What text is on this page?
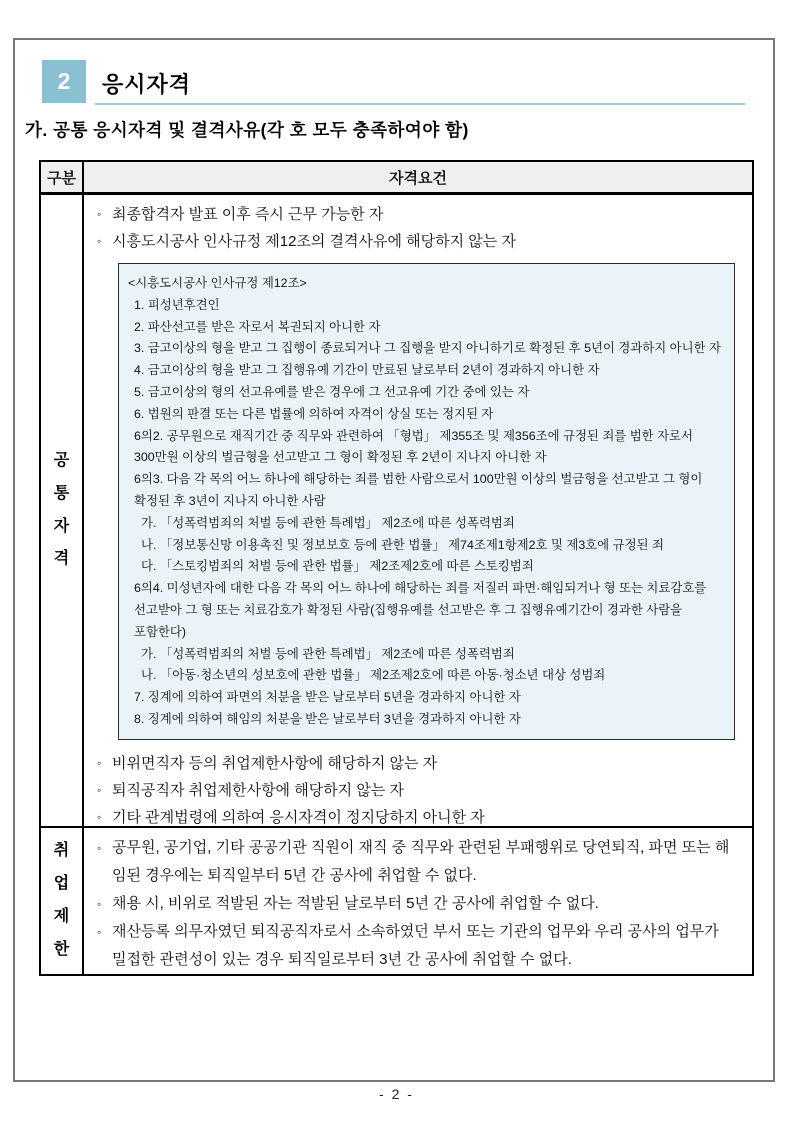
2	응시자격
가. 공통 응시자격 및 결격사유(각 호 모두 충족하여야 함)
구분	자격요건
공통자격
◦ 최종합격자 발표 이후 즉시 근무 가능한 자
◦ 시흥도시공사 인사규정 제12조의 결격사유에 해당하지 않는 자
<시흥도시공사 인사규정 제12조>
1. 피성년후견인
2. 파산선고를 받은 자로서 복권되지 아니한 자
3. 금고이상의 형을 받고 그 집행이 종료되거나 그 집행을 받지 아니하기로 확정된 후 5년이 경과하지 아니한 자
4. 금고이상의 형을 받고 그 집행유예 기간이 만료된 날로부터 2년이 경과하지 아니한 자
5. 금고이상의 형의 선고유예를 받은 경우에 그 선고유예 기간 중에 있는 자
6. 법원의 판결 또는 다른 법률에 의하여 자격이 상실 또는 정지된 자
6의2. 공무원으로 재직기간 중 직무와 관련하여 「형법」 제355조 및 제356조에 규정된 죄를 범한 자로서
300만원 이상의 벌금형을 선고받고 그 형이 확정된 후 2년이 지나지 아니한 자
6의3. 다음 각 목의 어느 하나에 해당하는 죄를 범한 사람으로서 100만원 이상의 벌금형을 선고받고 그 형이
확정된 후 3년이 지나지 아니한 사람
가. 「성폭력범죄의 처벌 등에 관한 특례법」 제2조에 따른 성폭력범죄
나. 「정보통신망 이용촉진 및 정보보호 등에 관한 법률」 제74조제1항제2호 및 제3호에 규정된 죄
다. 「스토킹범죄의 처벌 등에 관한 법률」 제2조제2호에 따른 스토킹범죄
6의4. 미성년자에 대한 다음 각 목의 어느 하나에 해당하는 죄를 저질러 파면·해임되거나 형 또는 치료감호를
선고받아 그 형 또는 치료감호가 확정된 사람(집행유예를 선고받은 후 그 집행유예기간이 경과한 사람을
포함한다)
가. 「성폭력범죄의 처벌 등에 관한 특례법」 제2조에 따른 성폭력범죄
나. 「아동·청소년의 성보호에 관한 법률」 제2조제2호에 따른 아동·청소년 대상 성범죄
7. 징계에 의하여 파면의 처분을 받은 날로부터 5년을 경과하지 아니한 자
8. 징계에 의하여 해임의 처분을 받은 날로부터 3년을 경과하지 아니한 자
◦ 비위면직자 등의 취업제한사항에 해당하지 않는 자
◦ 퇴직공직자 취업제한사항에 해당하지 않는 자
◦ 기타 관계법령에 의하여 응시자격이 정지당하지 아니한 자
취업제한
◦ 공무원, 공기업, 기타 공공기관 직원이 재직 중 직무와 관련된 부패행위로 당연퇴직, 파면 또는 해임된 경우에는 퇴직일부터 5년 간 공사에 취업할 수 없다.
◦ 채용 시, 비위로 적발된 자는 적발된 날로부터 5년 간 공사에 취업할 수 없다.
◦ 재산등록 의무자였던 퇴직공직자로서 소속하였던 부서 또는 기관의 업무와 우리 공사의 업무가 밀접한 관련성이 있는 경우 퇴직일로부터 3년 간 공사에 취업할 수 없다.
- 2 -
